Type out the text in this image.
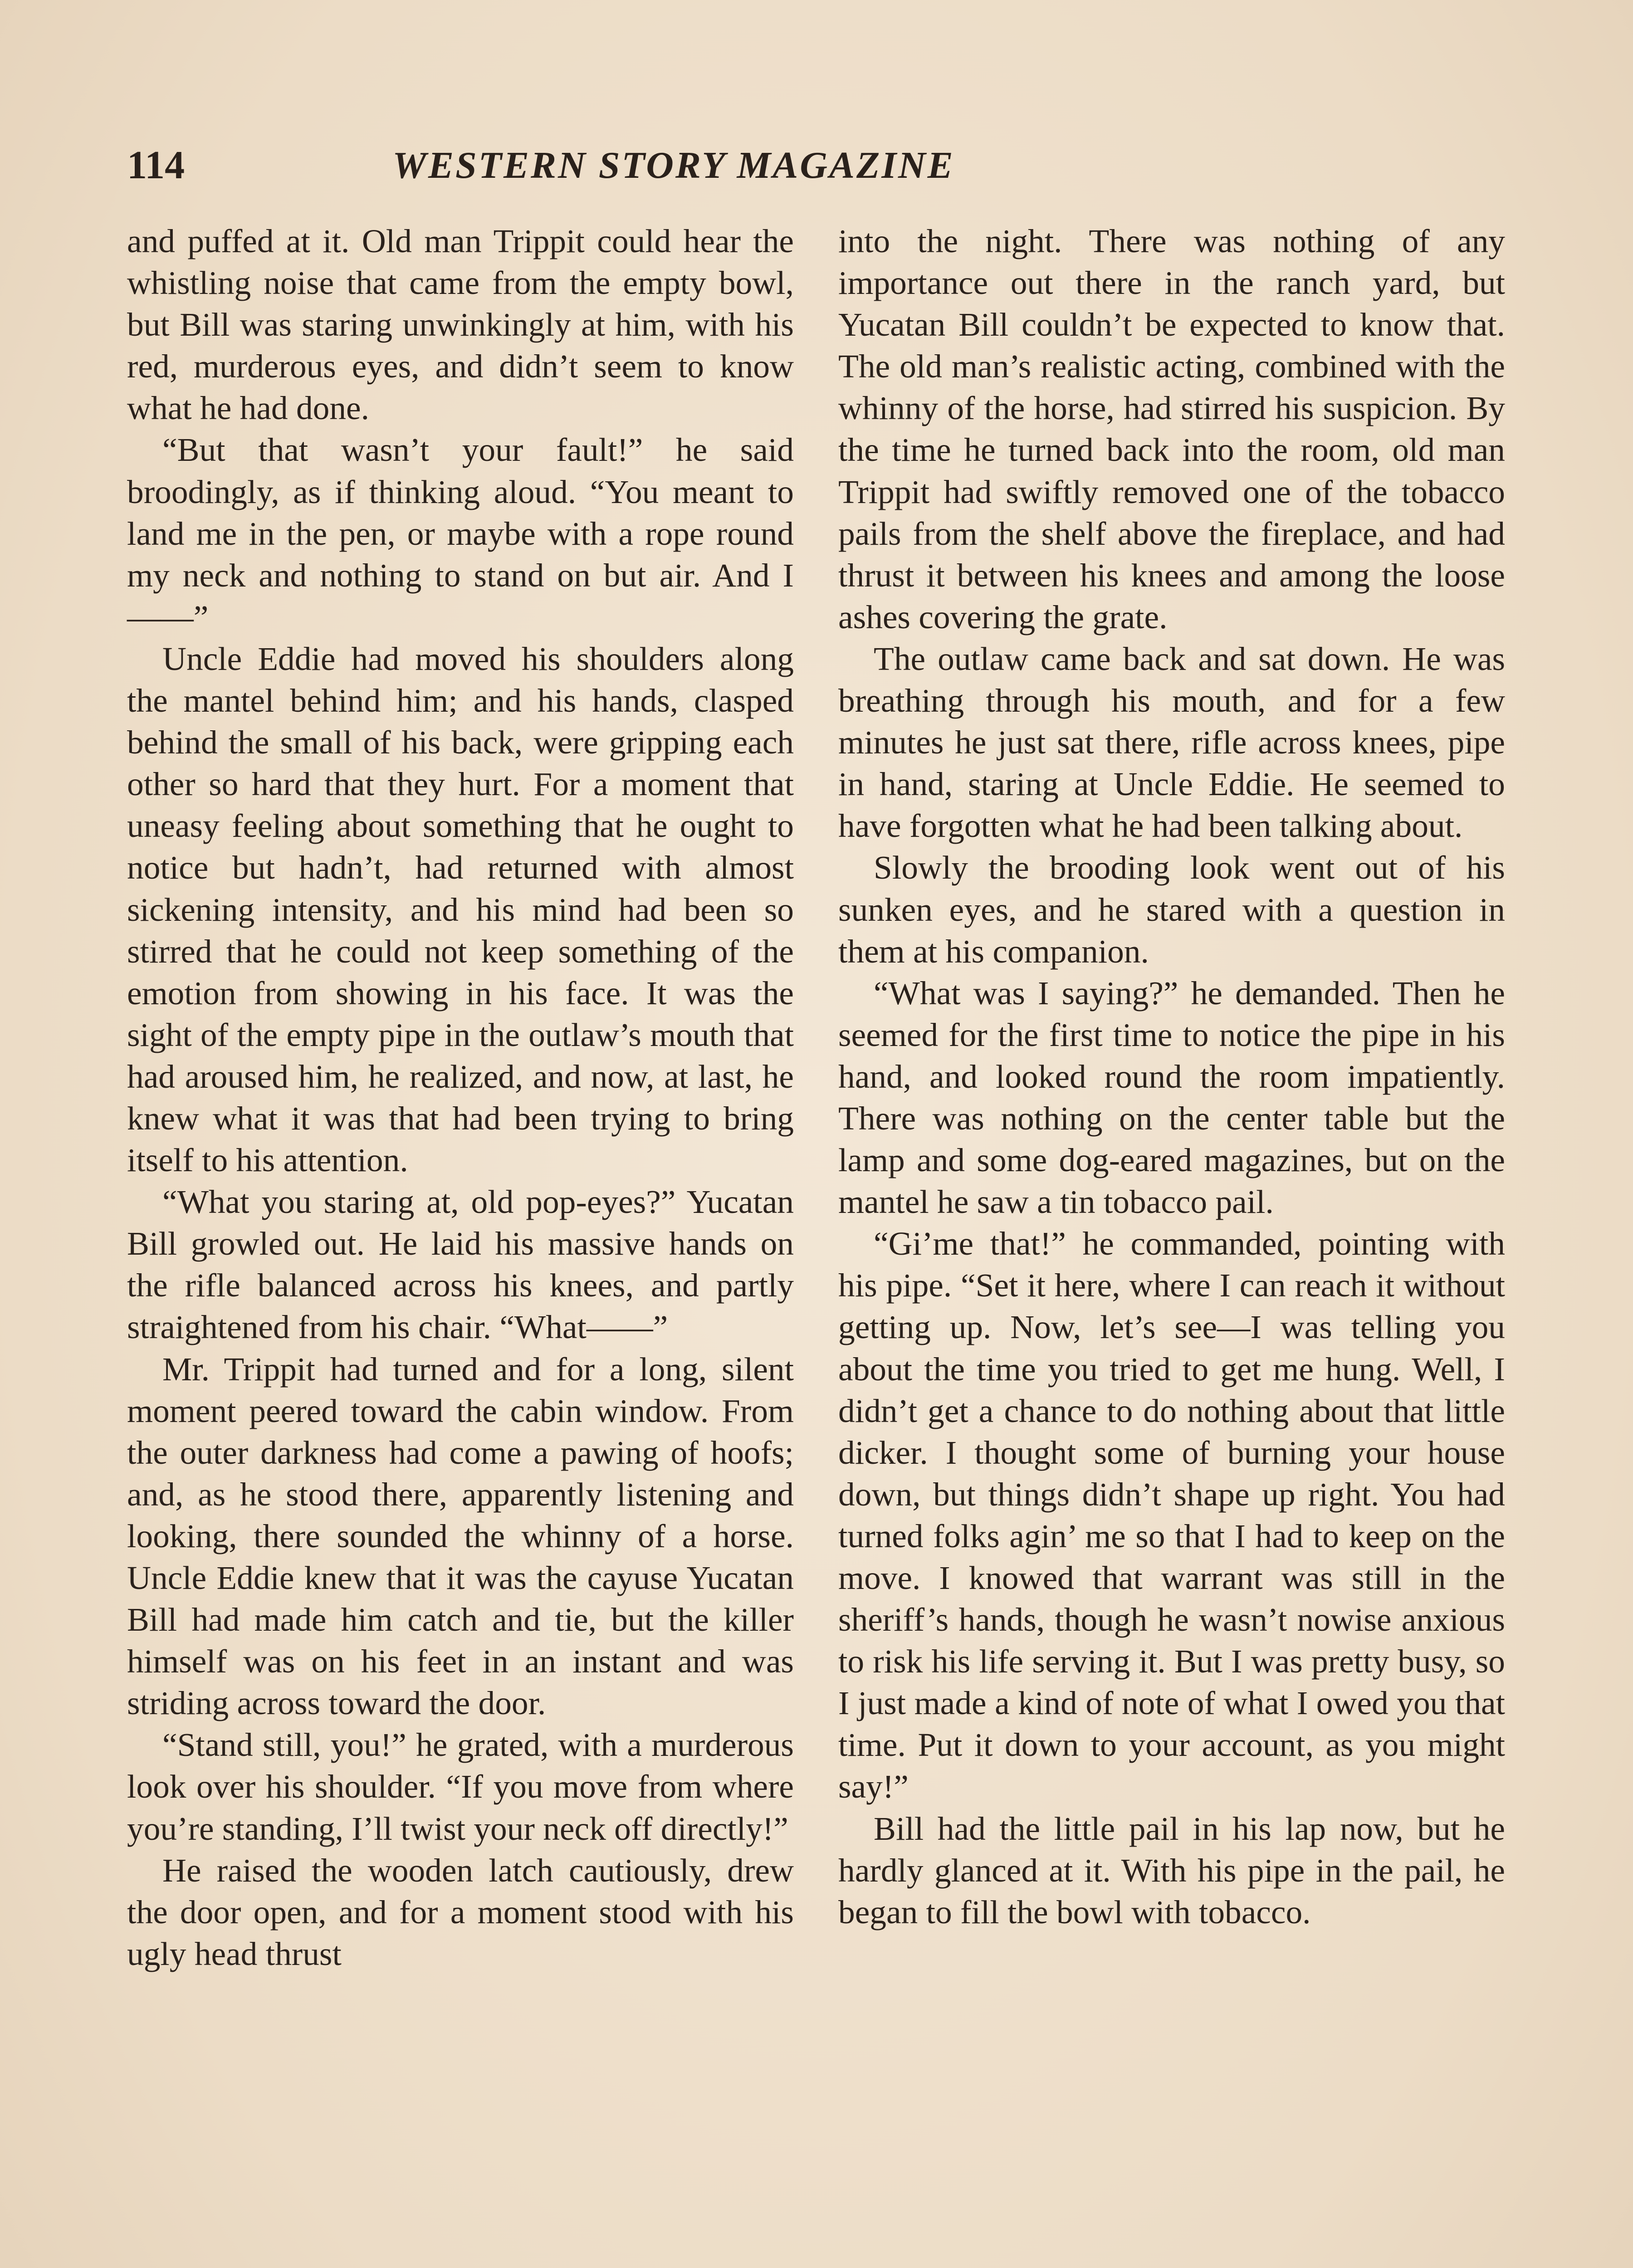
114	WESTERN STORY MAGAZINE

and puffed at it. Old man Trippit could hear the whistling noise that came from the empty bowl, but Bill was staring unwinkingly at him, with his red, murderous eyes, and didn’t seem to know what he had done.

“But that wasn’t your fault!” he said broodingly, as if thinking aloud. “You meant to land me in the pen, or maybe with a rope round my neck and nothing to stand on but air. And I——”

Uncle Eddie had moved his shoulders along the mantel behind him; and his hands, clasped behind the small of his back, were gripping each other so hard that they hurt. For a moment that uneasy feeling about something that he ought to notice but hadn’t, had returned with almost sickening intensity, and his mind had been so stirred that he could not keep something of the emotion from showing in his face. It was the sight of the empty pipe in the outlaw’s mouth that had aroused him, he realized, and now, at last, he knew what it was that had been trying to bring itself to his attention.

“What you staring at, old pop-eyes?” Yucatan Bill growled out. He laid his massive hands on the rifle balanced across his knees, and partly straightened from his chair. “What——”

Mr. Trippit had turned and for a long, silent moment peered toward the cabin window. From the outer darkness had come a pawing of hoofs; and, as he stood there, apparently listening and looking, there sounded the whinny of a horse. Uncle Eddie knew that it was the cayuse Yucatan Bill had made him catch and tie, but the killer himself was on his feet in an instant and was striding across toward the door.

“Stand still, you!” he grated, with a murderous look over his shoulder. “If you move from where you’re standing, I’ll twist your neck off directly!”

He raised the wooden latch cautiously, drew the door open, and for a moment stood with his ugly head thrust

into the night. There was nothing of any importance out there in the ranch yard, but Yucatan Bill couldn’t be expected to know that. The old man’s realistic acting, combined with the whinny of the horse, had stirred his suspicion. By the time he turned back into the room, old man Trippit had swiftly removed one of the tobacco pails from the shelf above the fireplace, and had thrust it between his knees and among the loose ashes covering the grate.

The outlaw came back and sat down. He was breathing through his mouth, and for a few minutes he just sat there, rifle across knees, pipe in hand, staring at Uncle Eddie. He seemed to have forgotten what he had been talking about.

Slowly the brooding look went out of his sunken eyes, and he stared with a question in them at his companion.

“What was I saying?” he demanded. Then he seemed for the first time to notice the pipe in his hand, and looked round the room impatiently. There was nothing on the center table but the lamp and some dog-eared magazines, but on the mantel he saw a tin tobacco pail.

“Gi’me that!” he commanded, pointing with his pipe. “Set it here, where I can reach it without getting up. Now, let’s see—I was telling you about the time you tried to get me hung. Well, I didn’t get a chance to do nothing about that little dicker. I thought some of burning your house down, but things didn’t shape up right. You had turned folks agin’ me so that I had to keep on the move. I knowed that warrant was still in the sheriff’s hands, though he wasn’t nowise anxious to risk his life serving it. But I was pretty busy, so I just made a kind of note of what I owed you that time. Put it down to your account, as you might say!”

Bill had the little pail in his lap now, but he hardly glanced at it. With his pipe in the pail, he began to fill the bowl with tobacco.
